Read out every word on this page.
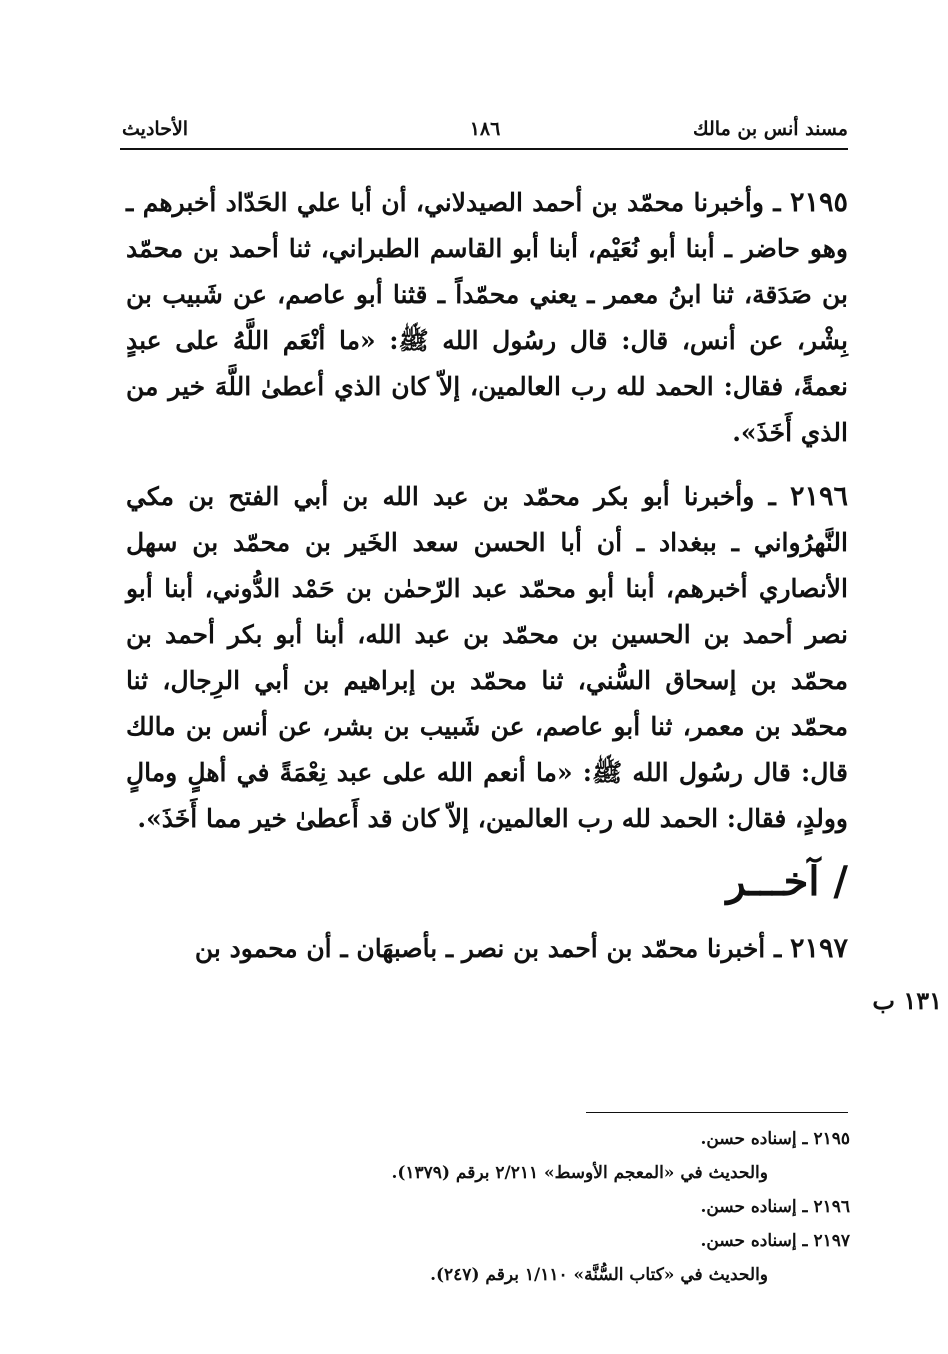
مسند أنس بن مالك
١٨٦
الأحاديث

٢١٩٥ ـ وأخبرنا محمّد بن أحمد الصيدلاني، أن أبا علي الحَدّاد أخبرهم ـ وهو حاضر ـ أبنا أبو نُعَيْم، أبنا أبو القاسم الطبراني، ثنا أحمد بن محمّد بن صَدَقة، ثنا ابنُ معمر ـ يعني محمّداً ـ قثنا أبو عاصم، عن شَبيب بن بِشْر، عن أنس، قال: قال رسُول الله ﷺ: «ما أنْعَم اللَّهُ على عبدٍ نعمةً، فقال: الحمد لله رب العالمين، إلاّ كان الذي أعطىٰ اللَّهَ خير من الذي أَخَذَ».

٢١٩٦ ـ وأخبرنا أبو بكر محمّد بن عبد الله بن أبي الفتح بن مكي النَّهرُواني ـ ببغداد ـ أن أبا الحسن سعد الخَير بن محمّد بن سهل الأنصاري أخبرهم، أبنا أبو محمّد عبد الرّحمٰن بن حَمْد الدُّوني، أبنا أبو نصر أحمد بن الحسين بن محمّد بن عبد الله، أبنا أبو بكر أحمد بن محمّد بن إسحاق السُّني، ثنا محمّد بن إبراهيم بن أبي الرِجال، ثنا محمّد بن معمر، ثنا أبو عاصم، عن شَبيب بن بشر، عن أنس بن مالك قال: قال رسُول الله ﷺ: «ما أنعم الله على عبد نِعْمَةً في أهلٍ ومالٍ وولدٍ، فقال: الحمد لله رب العالمين، إلاّ كان قد أَعطىٰ خير مما أَخَذَ».

/ آخـــر

٢١٩٧ ـ أخبرنا محمّد بن أحمد بن نصر ـ بأصبهَان ـ أن محمود بن

١٣١ ب

٢١٩٥ ـ إسناده حسن.

والحديث في «المعجم الأوسط» ٢/٢١١ برقم (١٣٧٩).

٢١٩٦ ـ إسناده حسن.

٢١٩٧ ـ إسناده حسن.

والحديث في «كتاب السُّنَّة» ١/١١٠ برقم (٢٤٧).
